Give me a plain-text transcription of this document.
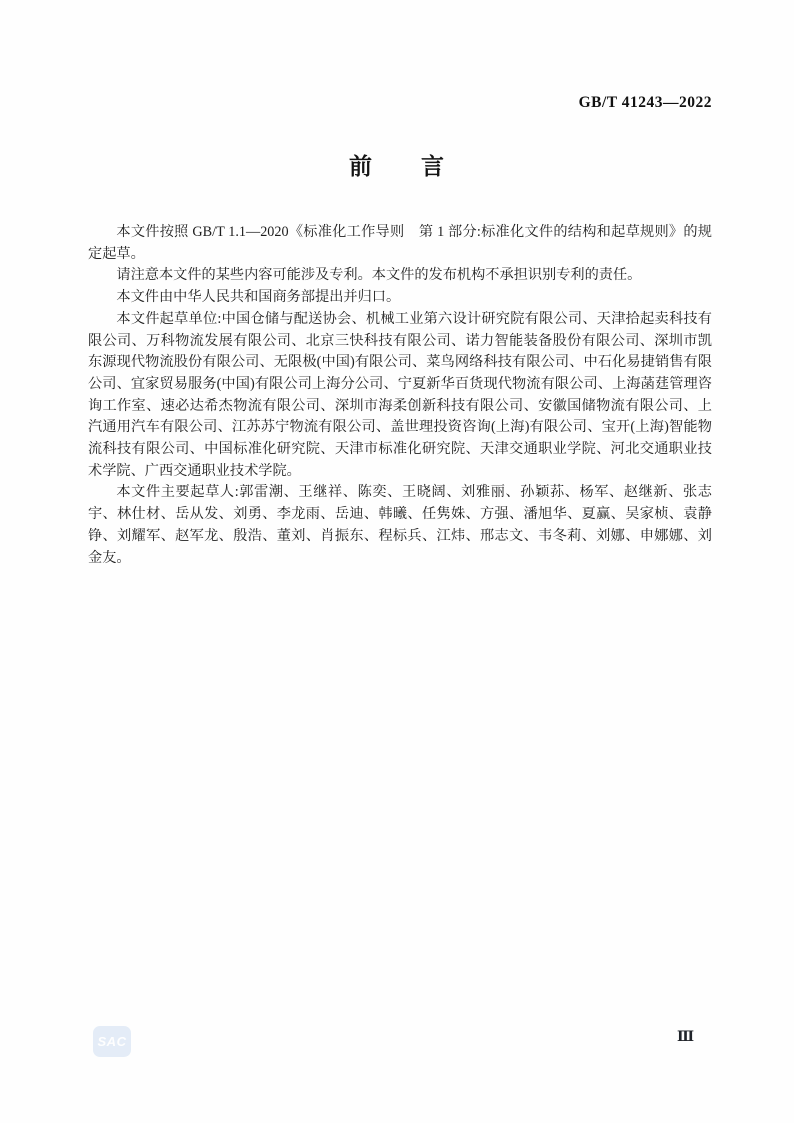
GB/T 41243—2022
前　　言

本文件按照 GB/T 1.1—2020《标准化工作导则　第 1 部分:标准化文件的结构和起草规则》的规定起草。

请注意本文件的某些内容可能涉及专利。本文件的发布机构不承担识别专利的责任。

本文件由中华人民共和国商务部提出并归口。

本文件起草单位:中国仓储与配送协会、机械工业第六设计研究院有限公司、天津拾起卖科技有限公司、万科物流发展有限公司、北京三快科技有限公司、诺力智能装备股份有限公司、深圳市凯东源现代物流股份有限公司、无限极(中国)有限公司、菜鸟网络科技有限公司、中石化易捷销售有限公司、宜家贸易服务(中国)有限公司上海分公司、宁夏新华百货现代物流有限公司、上海菡莛管理咨询工作室、速必达希杰物流有限公司、深圳市海柔创新科技有限公司、安徽国储物流有限公司、上汽通用汽车有限公司、江苏苏宁物流有限公司、盖世理投资咨询(上海)有限公司、宝开(上海)智能物流科技有限公司、中国标准化研究院、天津市标准化研究院、天津交通职业学院、河北交通职业技术学院、广西交通职业技术学院。

本文件主要起草人:郭雷潮、王继祥、陈奕、王晓阔、刘雅丽、孙颖荪、杨军、赵继新、张志宇、林仕材、岳从发、刘勇、李龙雨、岳迪、韩曦、任隽姝、方强、潘旭华、夏赢、吴家桢、袁静铮、刘耀军、赵军龙、殷浩、董刘、肖振东、程标兵、江炜、邢志文、韦冬莉、刘娜、申娜娜、刘金友。

SAC	Ⅲ
